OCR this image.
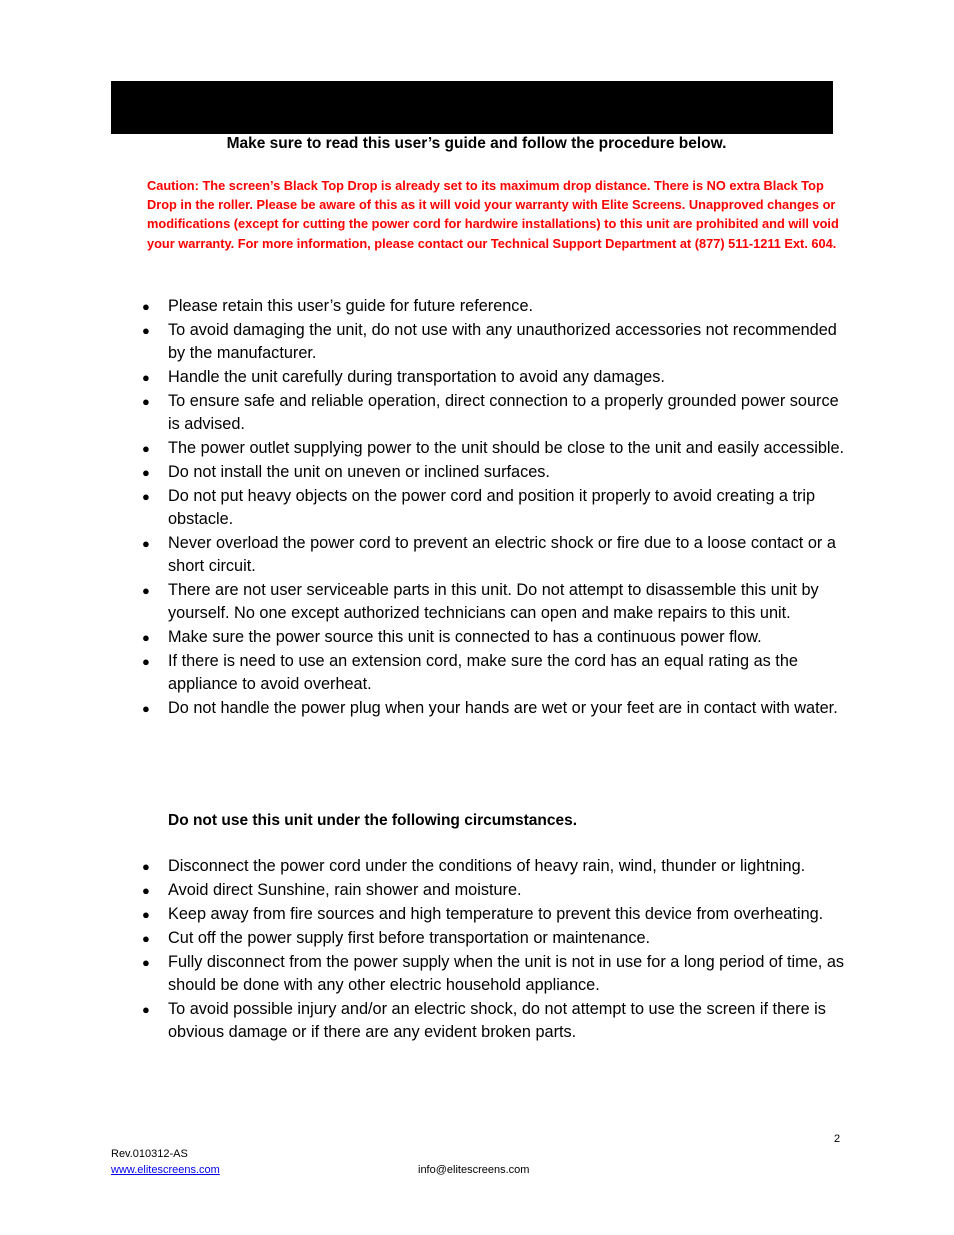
Make sure to read this user’s guide and follow the procedure below.
Caution: The screen’s Black Top Drop is already set to its maximum drop distance. There is NO extra Black Top Drop in the roller. Please be aware of this as it will void your warranty with Elite Screens. Unapproved changes or modifications (except for cutting the power cord for hardwire installations) to this unit are prohibited and will void your warranty. For more information, please contact our Technical Support Department at (877) 511-1211 Ext. 604.
● Please retain this user’s guide for future reference.
● To avoid damaging the unit, do not use with any unauthorized accessories not recommended by the manufacturer.
● Handle the unit carefully during transportation to avoid any damages.
● To ensure safe and reliable operation, direct connection to a properly grounded power source is advised.
● The power outlet supplying power to the unit should be close to the unit and easily accessible.
● Do not install the unit on uneven or inclined surfaces.
● Do not put heavy objects on the power cord and position it properly to avoid creating a trip obstacle.
● Never overload the power cord to prevent an electric shock or fire due to a loose contact or a short circuit.
● There are not user serviceable parts in this unit. Do not attempt to disassemble this unit by yourself. No one except authorized technicians can open and make repairs to this unit.
● Make sure the power source this unit is connected to has a continuous power flow.
● If there is need to use an extension cord, make sure the cord has an equal rating as the appliance to avoid overheat.
● Do not handle the power plug when your hands are wet or your feet are in contact with water.
Do not use this unit under the following circumstances.
● Disconnect the power cord under the conditions of heavy rain, wind, thunder or lightning.
● Avoid direct Sunshine, rain shower and moisture.
● Keep away from fire sources and high temperature to prevent this device from overheating.
● Cut off the power supply first before transportation or maintenance.
● Fully disconnect from the power supply when the unit is not in use for a long period of time, as should be done with any other electric household appliance.
● To avoid possible injury and/or an electric shock, do not attempt to use the screen if there is obvious damage or if there are any evident broken parts.
2
Rev.010312-AS
www.elitescreens.com	info@elitescreens.com
